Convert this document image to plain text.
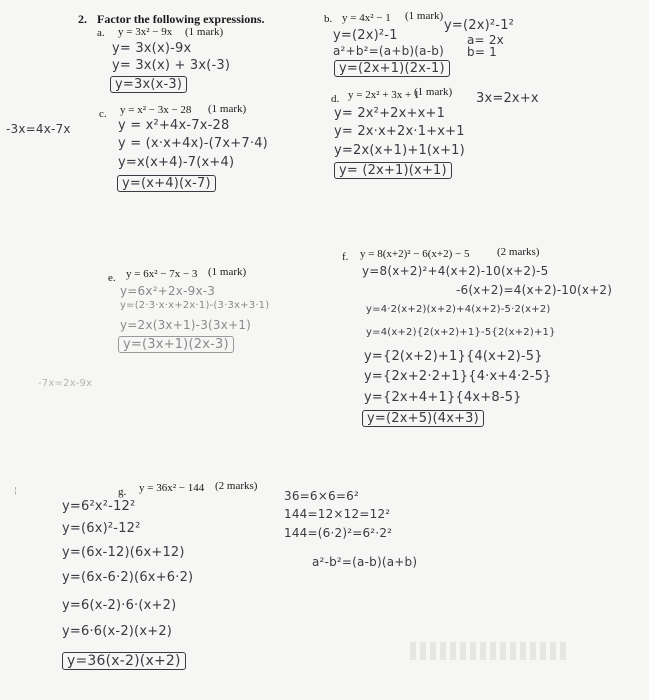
2. Factor the following expressions.
a. y = 3x² − 9x (1 mark)
y= 3x(x)-9x
y= 3x(x) + 3x(-3)
y=3x(x-3)
b. y = 4x² − 1 (1 mark)
y=(2x)²-1
a²+b²=(a+b)(a-b)
y=(2x)²-1²
a= 2x
b= 1
y=(2x+1)(2x-1)
-3x=4x-7x
c. y = x² − 3x − 28 (1 mark)
y = x²+4x-7x-28
y = (x·x+4x)-(7x+7·4)
y=x(x+4)-7(x+4)
y=(x+4)(x-7)
d. y = 2x² + 3x + 1
(1 mark) 3x=2x+x
y= 2x²+2x+x+1
y= 2x·x+2x·1+x+1
y=2x(x+1)+1(x+1)
y= (2x+1)(x+1)
-7x=2x-9x
e. y = 6x² − 7x − 3 (1 mark)
y=6x²+2x-9x-3
y=(2·3·x·x+2x·1)-(3·3x+3·1)
y=2x(3x+1)-3(3x+1)
y=(3x+1)(2x-3)
f. y = 8(x+2)² − 6(x+2) − 5	(2 marks)
y=8(x+2)²+4(x+2)-10(x+2)-5
-6(x+2)=4(x+2)-10(x+2)
y=4·2(x+2)(x+2)+4(x+2)-5·2(x+2)
y=4(x+2){2(x+2)+1}-5{2(x+2)+1}
y={2(x+2)+1}{4(x+2)-5}
y={2x+2·2+1}{4·x+4·2-5}
y={2x+4+1}{4x+8-5}
y=(2x+5)(4x+3)
¦	g. y = 36x² − 144 (2 marks)
y=6²x²-12²
y=(6x)²-12²
y=(6x-12)(6x+12)
y=(6x-6·2)(6x+6·2)
y=6(x-2)·6·(x+2)
y=6·6(x-2)(x+2)
y=36(x-2)(x+2)
36=6×6=6²
144=12×12=12²
144=(6·2)²=6²·2²
a²-b²=(a-b)(a+b)
